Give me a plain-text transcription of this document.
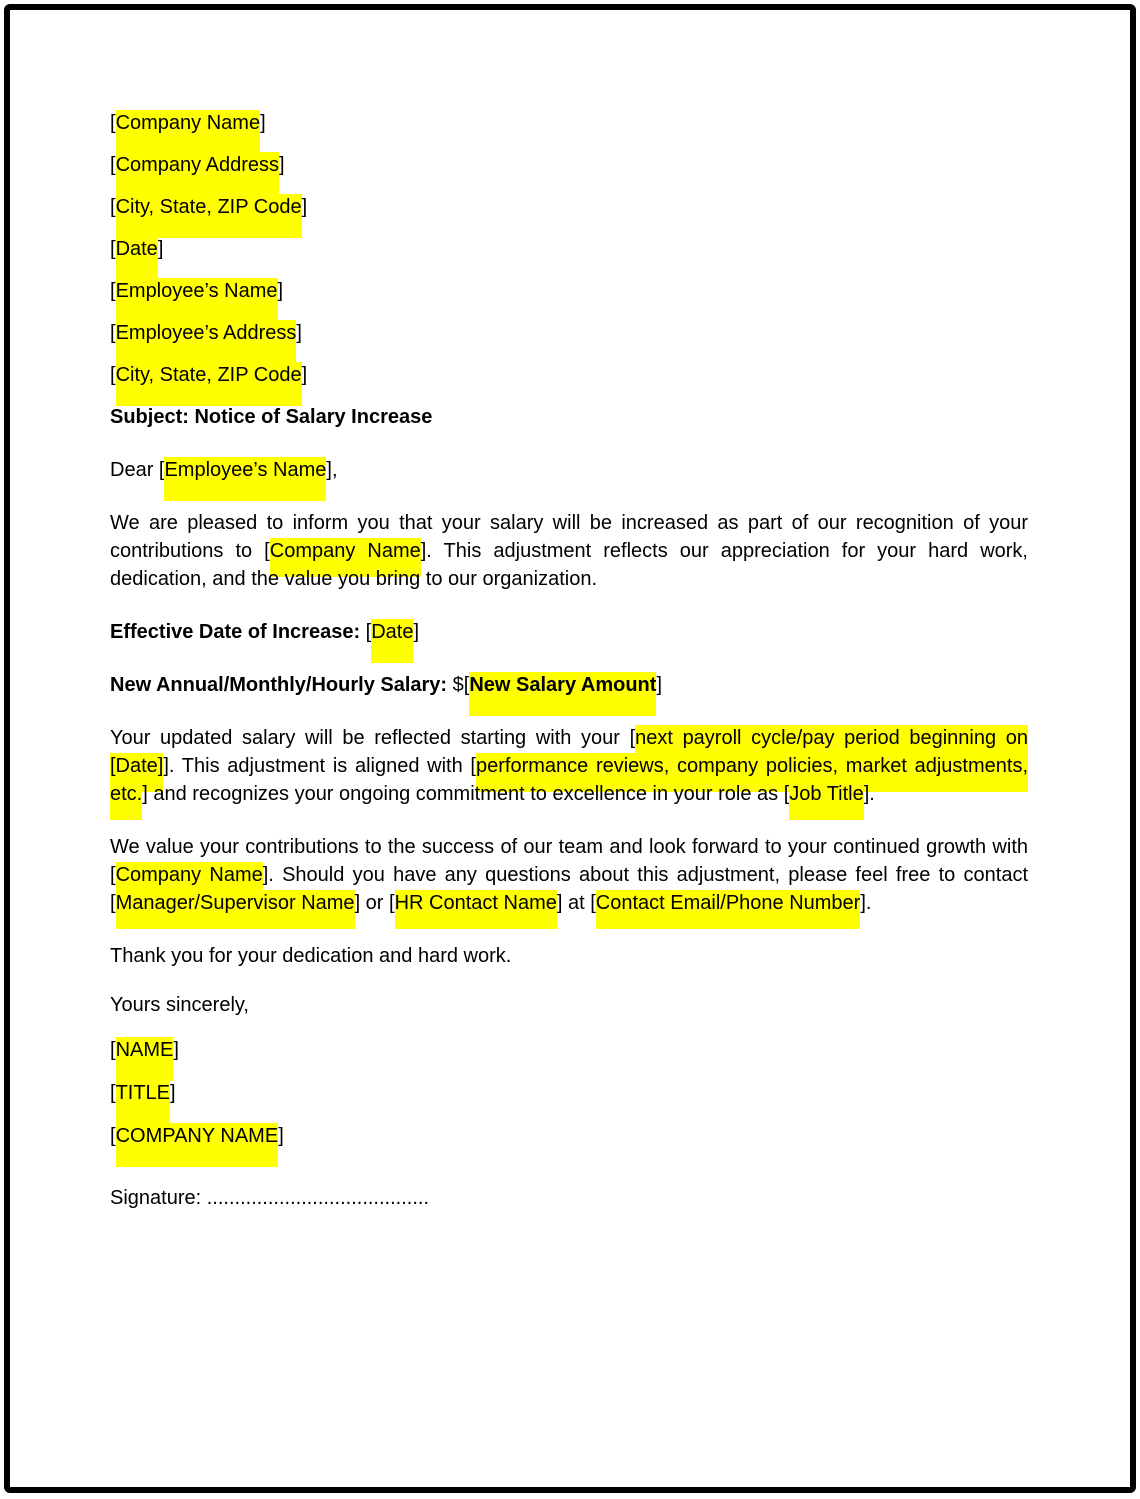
[Company Name]

[Company Address]

[City, State, ZIP Code]

[Date]

[Employee’s Name]

[Employee’s Address]

[City, State, ZIP Code]

Subject: Notice of Salary Increase

Dear [Employee’s Name],

We are pleased to inform you that your salary will be increased as part of our recognition of your contributions to [Company Name]. This adjustment reflects our appreciation for your hard work, dedication, and the value you bring to our organization.

Effective Date of Increase: [Date]

New Annual/Monthly/Hourly Salary: $[New Salary Amount]

Your updated salary will be reflected starting with your [next payroll cycle/pay period beginning on [Date]]. This adjustment is aligned with [performance reviews, company policies, market adjustments, etc.] and recognizes your ongoing commitment to excellence in your role as [Job Title].

We value your contributions to the success of our team and look forward to your continued growth with [Company Name]. Should you have any questions about this adjustment, please feel free to contact [Manager/Supervisor Name] or [HR Contact Name] at [Contact Email/Phone Number].

Thank you for your dedication and hard work.

Yours sincerely,

[NAME]

[TITLE]

[COMPANY NAME]

Signature: ........................................
